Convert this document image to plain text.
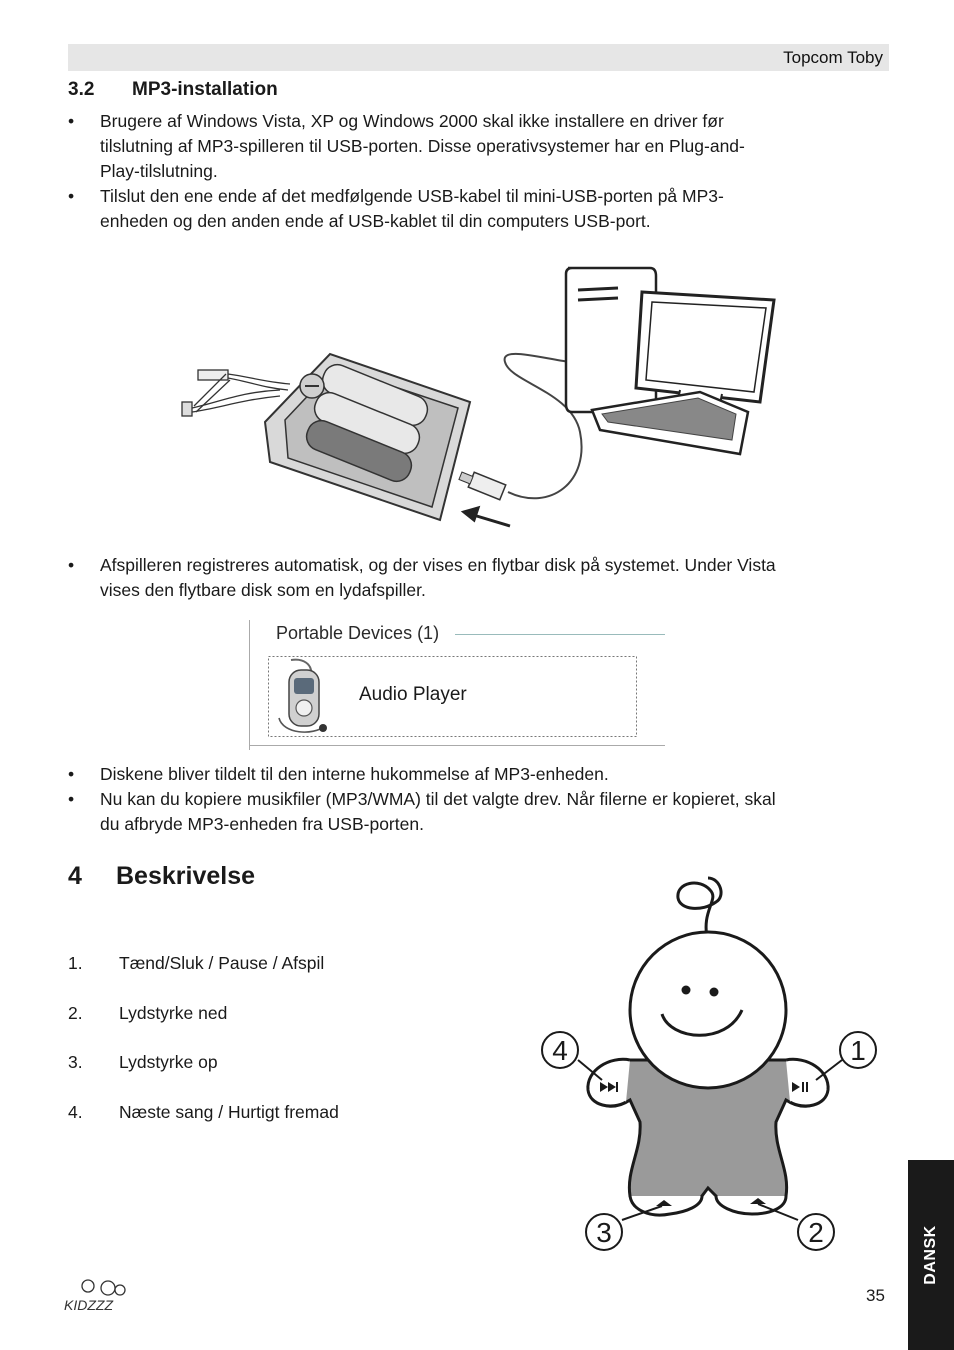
Topcom Toby
3.2 MP3-installation
• Brugere af Windows Vista, XP og Windows 2000 skal ikke installere en driver før
tilslutning af MP3-spilleren til USB-porten. Disse operativsystemer har en Plug-and-
Play-tilslutning.
• Tilslut den ene ende af det medfølgende USB-kabel til mini-USB-porten på MP3-
enheden og den anden ende af USB-kablet til din computers USB-port.
• Afspilleren registreres automatisk, og der vises en flytbar disk på systemet. Under Vista
vises den flytbare disk som en lydafspiller.
Portable Devices (1)
Audio Player
• Diskene bliver tildelt til den interne hukommelse af MP3-enheden.
• Nu kan du kopiere musikfiler (MP3/WMA) til det valgte drev. Når filerne er kopieret, skal
du afbryde MP3-enheden fra USB-porten.
4 Beskrivelse
1. Tænd/Sluk / Pause / Afspil
2. Lydstyrke ned
3. Lydstyrke op
4. Næste sang / Hurtigt fremad
4	1
3	2
KIDZZZ	35
DANSK
